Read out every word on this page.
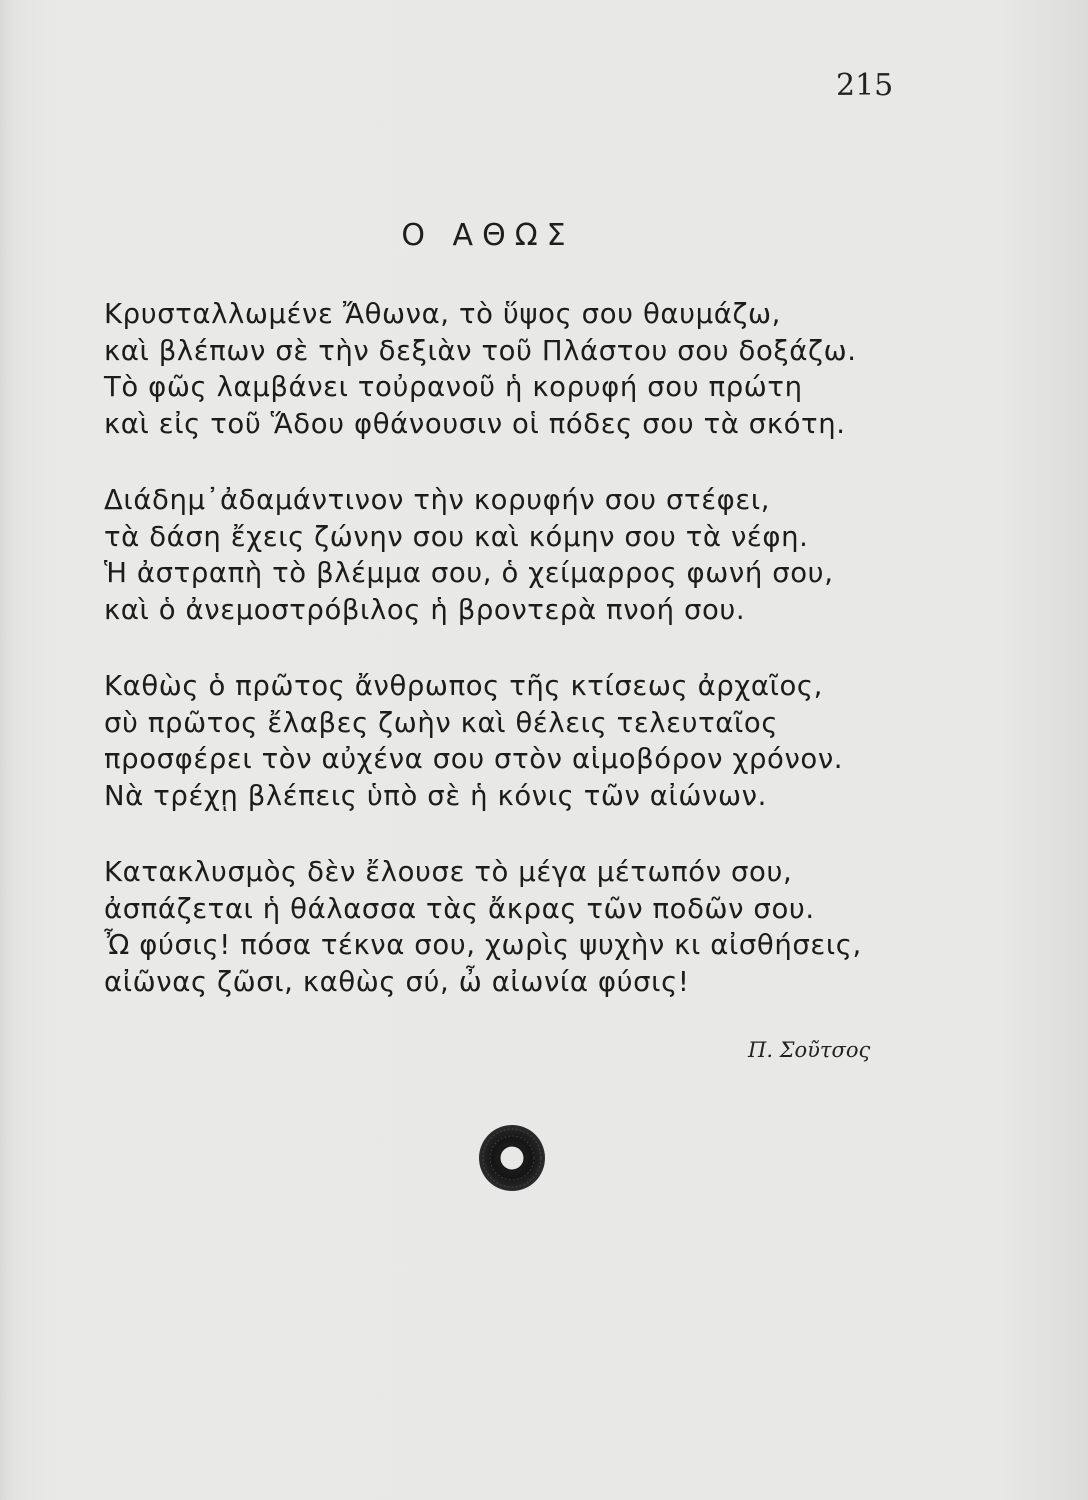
215
Ο ΑΘΩΣ
Κρυσταλλωμένε Ἄθωνα, τὸ ὕψος σου θαυμάζω,
καὶ βλέπων σὲ τὴν δεξιὰν τοῦ Πλάστου σου δοξάζω.
Τὸ φῶς λαμβάνει τοὐρανοῦ ἡ κορυφή σου πρώτη
καὶ εἰς τοῦ Ἅδου φθάνουσιν οἱ πόδες σου τὰ σκότη.
Διάδημ᾿ἀδαμάντινον τὴν κορυφήν σου στέφει,
τὰ δάση ἔχεις ζώνην σου καὶ κόμην σου τὰ νέφη.
Ἡ ἀστραπὴ τὸ βλέμμα σου, ὁ χείμαρρος φωνή σου,
καὶ ὁ ἀνεμοστρόβιλος ἡ βροντερὰ πνοή σου.
Καθὼς ὁ πρῶτος ἄνθρωπος τῆς κτίσεως ἀρχαῖος,
σὺ πρῶτος ἔλαβες ζωὴν καὶ θέλεις τελευταῖος
προσφέρει τὸν αὐχένα σου στὸν αἱμοβόρον χρόνον.
Νὰ τρέχῃ βλέπεις ὑπὸ σὲ ἡ κόνις τῶν αἰώνων.
Κατακλυσμὸς δὲν ἔλουσε τὸ μέγα μέτωπόν σου,
ἀσπάζεται ἡ θάλασσα τὰς ἄκρας τῶν ποδῶν σου.
Ὦ φύσις! πόσα τέκνα σου, χωρὶς ψυχὴν κι αἰσθήσεις,
αἰῶνας ζῶσι, καθὼς σύ, ὦ αἰωνία φύσις!
Π. Σοῦτσος
